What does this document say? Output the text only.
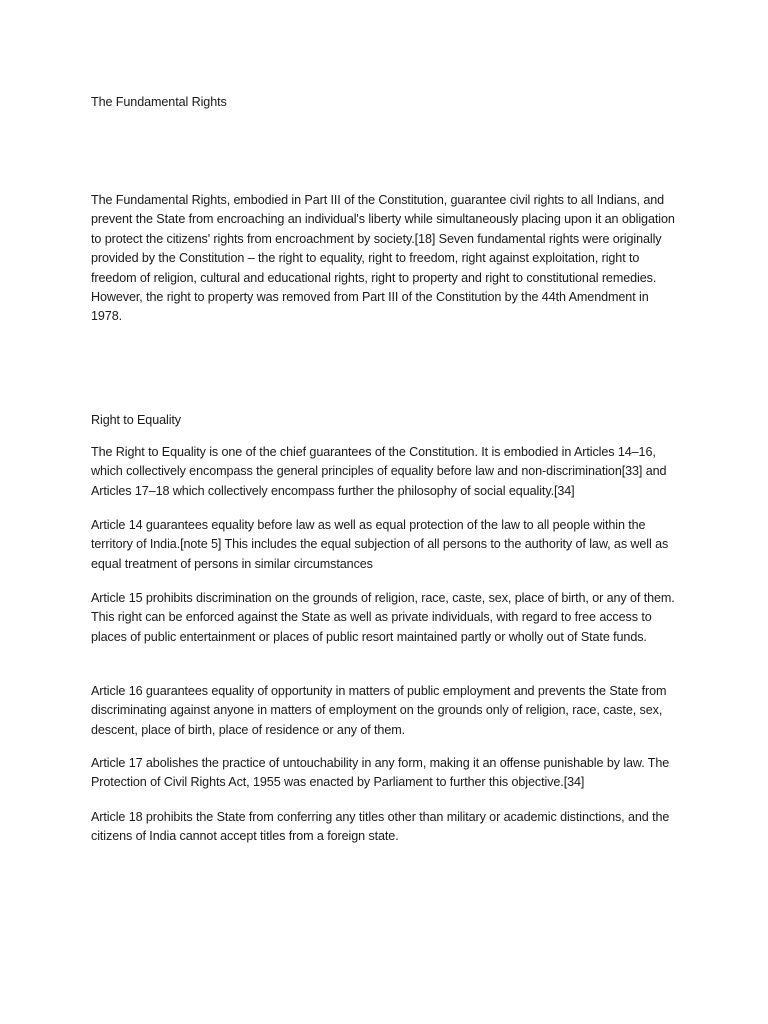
The Fundamental Rights

The Fundamental Rights, embodied in Part III of the Constitution, guarantee civil rights to all Indians, and prevent the State from encroaching an individual's liberty while simultaneously placing upon it an obligation to protect the citizens' rights from encroachment by society.[18] Seven fundamental rights were originally provided by the Constitution – the right to equality, right to freedom, right against exploitation, right to freedom of religion, cultural and educational rights, right to property and right to constitutional remedies. However, the right to property was removed from Part III of the Constitution by the 44th Amendment in 1978.

Right to Equality

The Right to Equality is one of the chief guarantees of the Constitution. It is embodied in Articles 14–16, which collectively encompass the general principles of equality before law and non-discrimination[33] and Articles 17–18 which collectively encompass further the philosophy of social equality.[34]

Article 14 guarantees equality before law as well as equal protection of the law to all people within the territory of India.[note 5] This includes the equal subjection of all persons to the authority of law, as well as equal treatment of persons in similar circumstances

Article 15 prohibits discrimination on the grounds of religion, race, caste, sex, place of birth, or any of them. This right can be enforced against the State as well as private individuals, with regard to free access to places of public entertainment or places of public resort maintained partly or wholly out of State funds.

Article 16 guarantees equality of opportunity in matters of public employment and prevents the State from discriminating against anyone in matters of employment on the grounds only of religion, race, caste, sex, descent, place of birth, place of residence or any of them.

Article 17 abolishes the practice of untouchability in any form, making it an offense punishable by law. The Protection of Civil Rights Act, 1955 was enacted by Parliament to further this objective.[34]

Article 18 prohibits the State from conferring any titles other than military or academic distinctions, and the citizens of India cannot accept titles from a foreign state.
